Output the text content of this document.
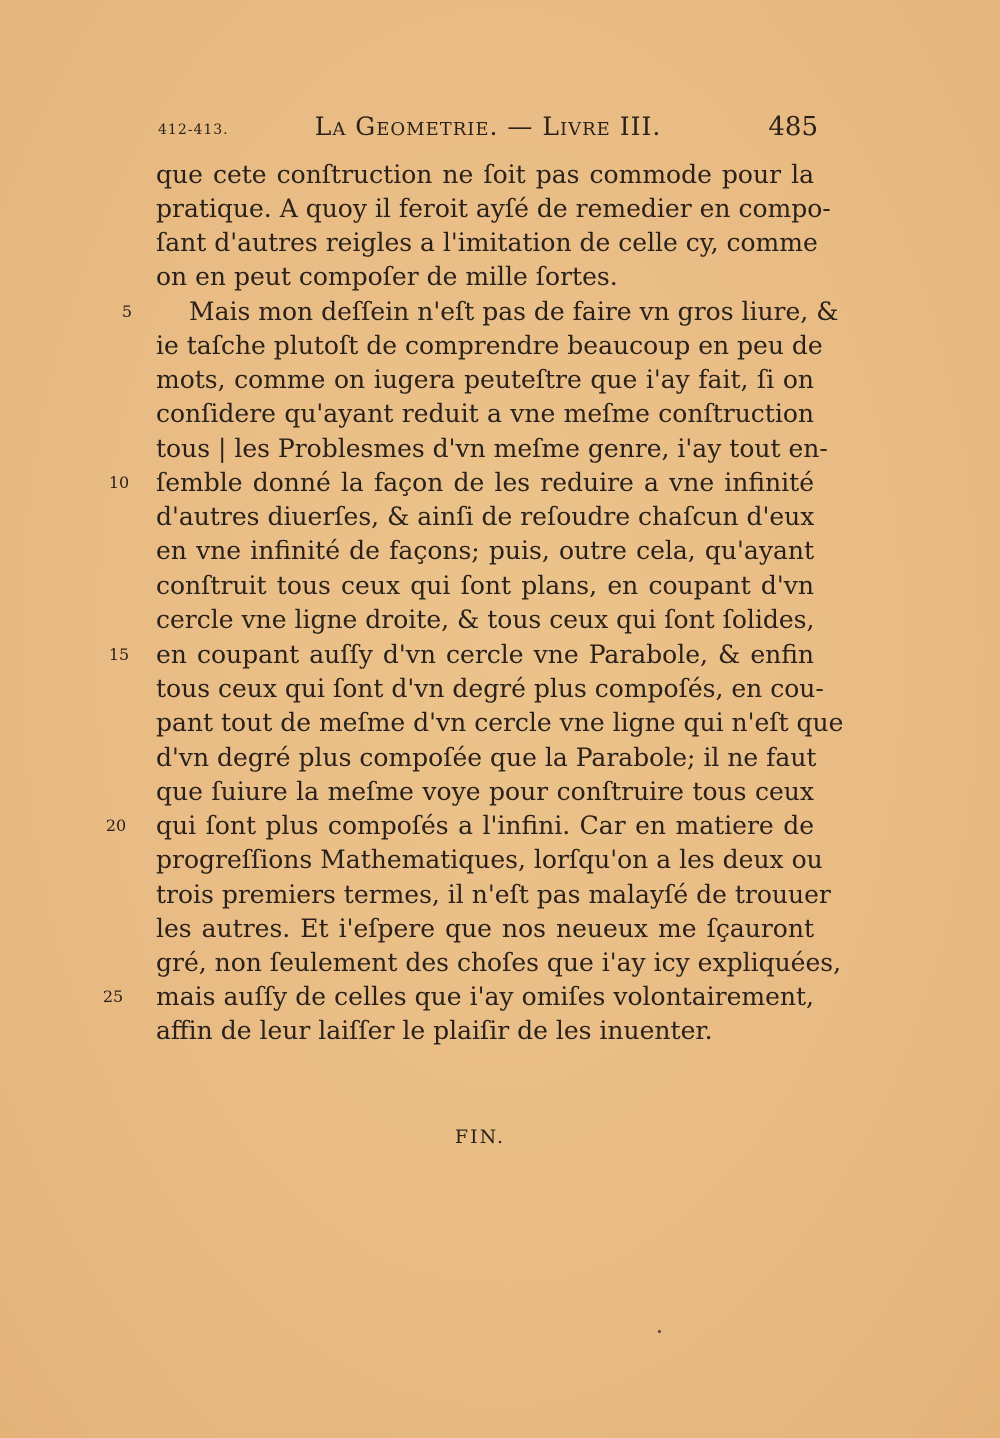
412-413.	La Geometrie. — Livre III.	485
que cete conſtruction ne ſoit pas commode pour la
pratique. A quoy il feroit ayſé de remedier en compo-
ſant d'autres reigles a l'imitation de celle cy, comme
on en peut compoſer de mille ſortes.
5	Mais mon deſſein n'eſt pas de faire vn gros liure, &
ie taſche plutoſt de comprendre beaucoup en peu de
mots, comme on iugera peuteſtre que i'ay fait, ſi on
conſidere qu'ayant reduit a vne meſme conſtruction
tous | les Problesmes d'vn meſme genre, i'ay tout en-
10 ſemble donné la façon de les reduire a vne infinité
d'autres diuerſes, & ainſi de reſoudre chaſcun d'eux
en vne infinité de façons; puis, outre cela, qu'ayant
conſtruit tous ceux qui ſont plans, en coupant d'vn
cercle vne ligne droite, & tous ceux qui ſont ſolides,
15 en coupant auſſy d'vn cercle vne Parabole, & enfin
tous ceux qui ſont d'vn degré plus compoſés, en cou-
pant tout de meſme d'vn cercle vne ligne qui n'eſt que
d'vn degré plus compoſée que la Parabole; il ne faut
que ſuiure la meſme voye pour conſtruire tous ceux
20 qui ſont plus compoſés a l'infini. Car en matiere de
progreſſions Mathematiques, lorſqu'on a les deux ou
trois premiers termes, il n'eſt pas malayſé de trouuer
les autres. Et i'eſpere que nos neueux me ſçauront
gré, non ſeulement des choſes que i'ay icy expliquées,
25 mais auſſy de celles que i'ay omiſes volontairement,
affin de leur laiſſer le plaiſir de les inuenter.
FIN.
